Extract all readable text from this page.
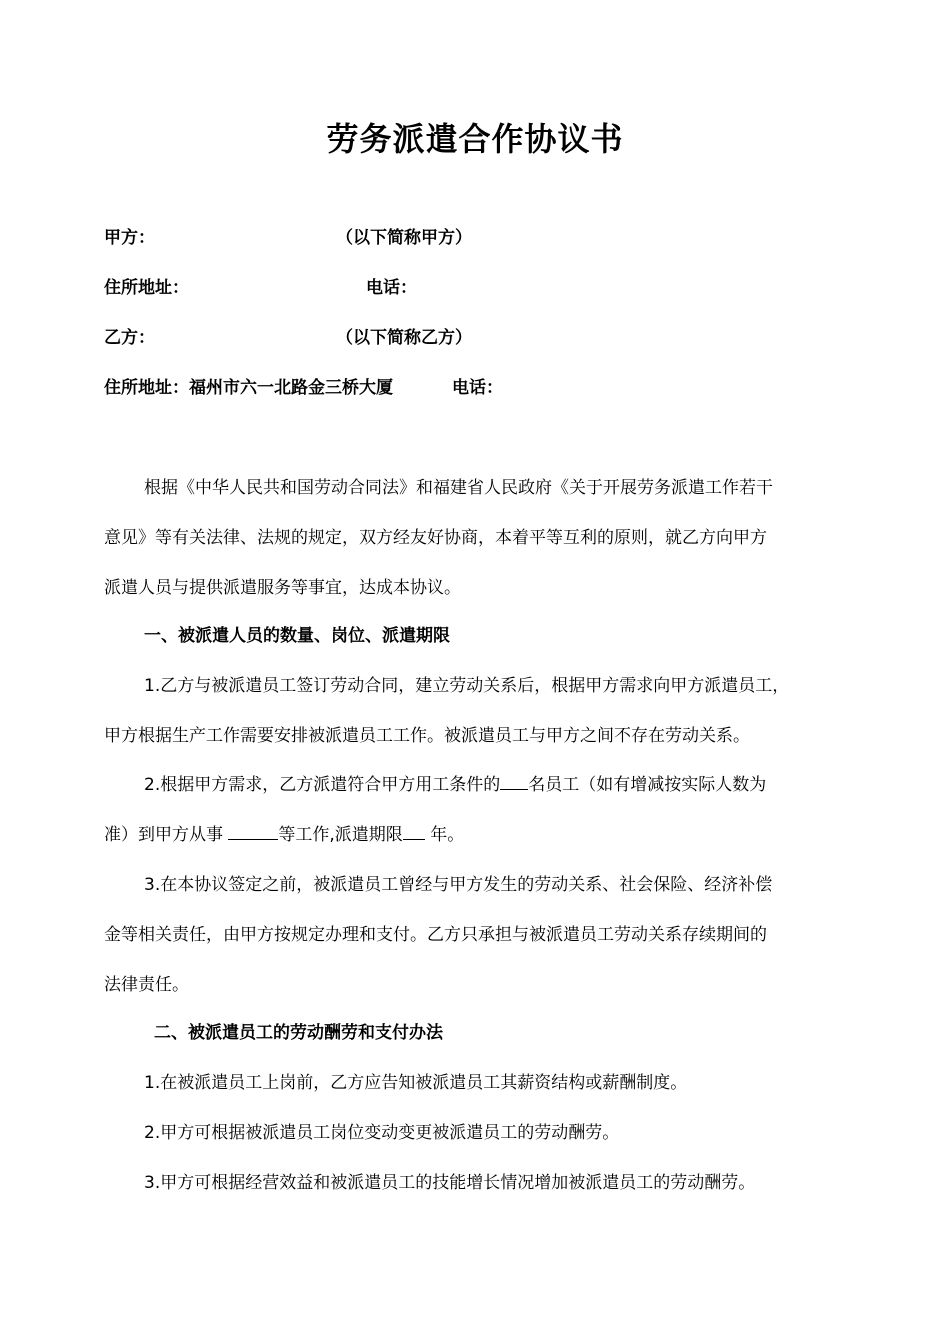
劳务派遣合作协议书
甲方：	（以下简称甲方）
住所地址：	电话：
乙方：	（以下简称乙方）
住所地址：福州市六一北路金三桥大厦	电话：
根据《中华人民共和国劳动合同法》和福建省人民政府《关于开展劳务派遣工作若干
意见》等有关法律、法规的规定，双方经友好协商，本着平等互利的原则，就乙方向甲方
派遣人员与提供派遣服务等事宜，达成本协议。
一、被派遣人员的数量、岗位、派遣期限
1.乙方与被派遣员工签订劳动合同，建立劳动关系后，根据甲方需求向甲方派遣员工，
甲方根据生产工作需要安排被派遣员工工作。被派遣员工与甲方之间不存在劳动关系。
2.根据甲方需求，乙方派遣符合甲方用工条件的 名员工（如有增减按实际人数为
准）到甲方从事	等工作,派遣期限 年。
3.在本协议签定之前，被派遣员工曾经与甲方发生的劳动关系、社会保险、经济补偿
金等相关责任，由甲方按规定办理和支付。乙方只承担与被派遣员工劳动关系存续期间的
法律责任。
二、被派遣员工的劳动酬劳和支付办法
1.在被派遣员工上岗前，乙方应告知被派遣员工其薪资结构或薪酬制度。
2.甲方可根据被派遣员工岗位变动变更被派遣员工的劳动酬劳。
3.甲方可根据经营效益和被派遣员工的技能增长情况增加被派遣员工的劳动酬劳。
